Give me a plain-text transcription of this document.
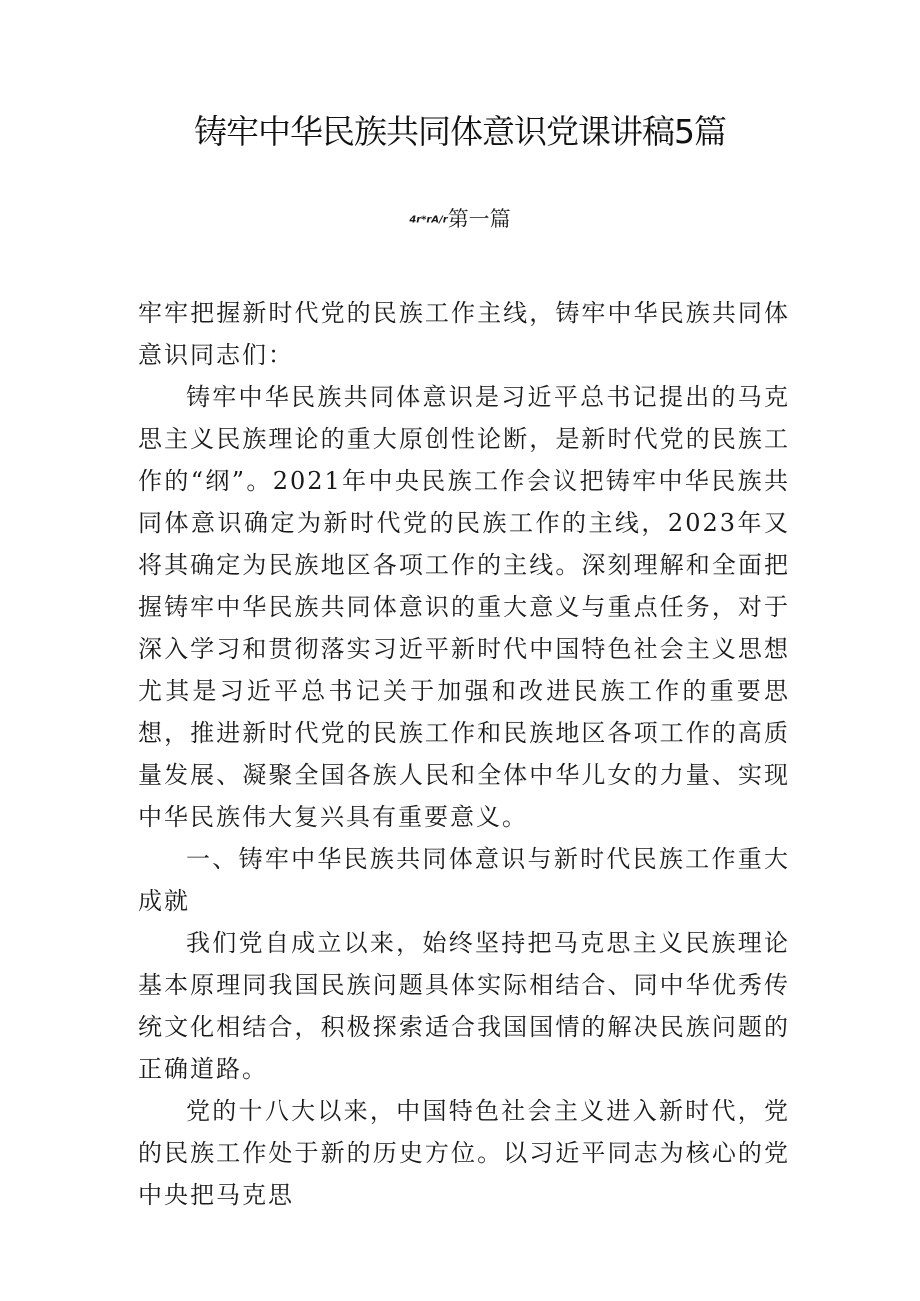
铸牢中华民族共同体意识党课讲稿5篇
4r*rA/r第一篇

牢牢把握新时代党的民族工作主线，铸牢中华民族共同体意识同志们：

铸牢中华民族共同体意识是习近平总书记提出的马克思主义民族理论的重大原创性论断，是新时代党的民族工作的“纲”。2021年中央民族工作会议把铸牢中华民族共同体意识确定为新时代党的民族工作的主线，2023年又将其确定为民族地区各项工作的主线。深刻理解和全面把握铸牢中华民族共同体意识的重大意义与重点任务，对于深入学习和贯彻落实习近平新时代中国特色社会主义思想尤其是习近平总书记关于加强和改进民族工作的重要思想，推进新时代党的民族工作和民族地区各项工作的高质量发展、凝聚全国各族人民和全体中华儿女的力量、实现中华民族伟大复兴具有重要意义。

一、铸牢中华民族共同体意识与新时代民族工作重大成就

我们党自成立以来，始终坚持把马克思主义民族理论基本原理同我国民族问题具体实际相结合、同中华优秀传统文化相结合，积极探索适合我国国情的解决民族问题的正确道路。

党的十八大以来，中国特色社会主义进入新时代，党的民族工作处于新的历史方位。以习近平同志为核心的党中央把马克思
